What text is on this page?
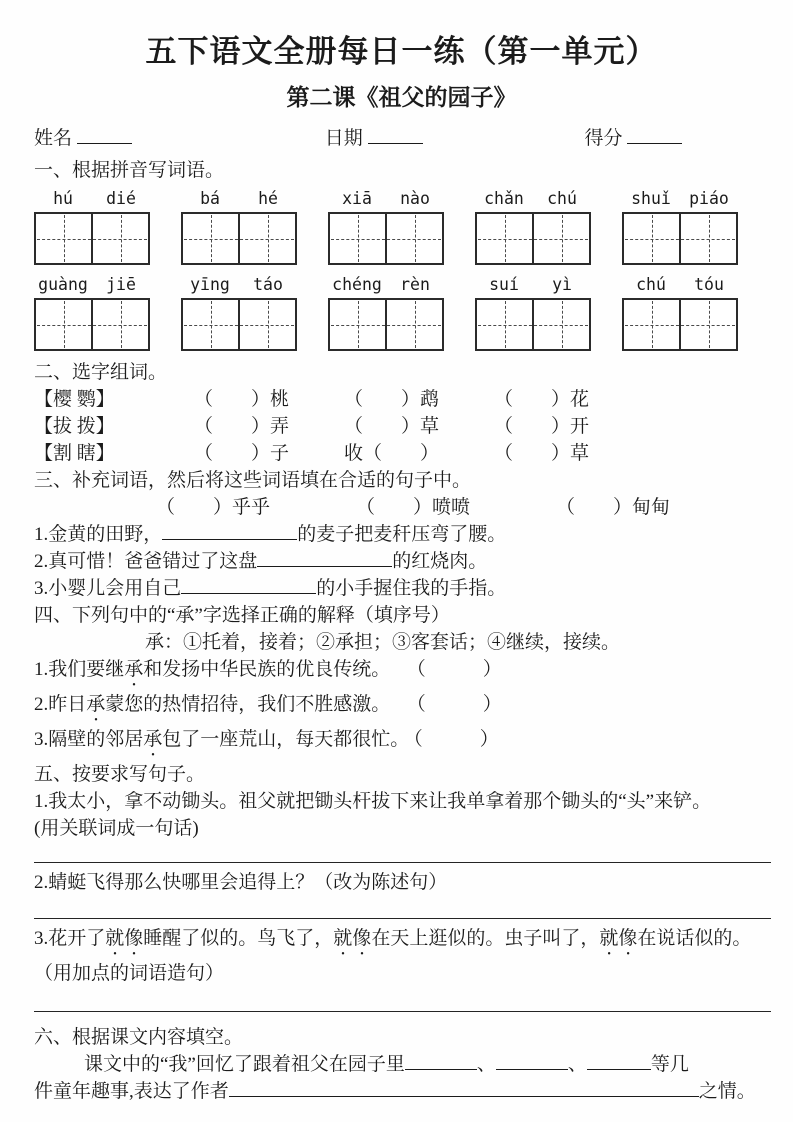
五下语文全册每日一练（第一单元）
第二课《祖父的园子》
姓名	日期	得分
一、根据拼音写词语。
hú	dié	bá	hé	xiā	nào	chǎn	chú	shuǐ	piáo
guàng	jiē	yīng	táo	chéng	rèn	suí	yì	chú	tóu
二、选字组词。
【樱 鹦】	（　　）桃	（　　）鹉	（　　）花
【拔 拨】	（　　）弄	（　　）草	（　　）开
【割 瞎】	（　　）子	收（　　）	（　　）草
三、补充词语，然后将这些词语填在合适的句子中。
（　　）乎乎	（　　）喷喷	（　　）甸甸
1.金黄的田野，	的麦子把麦秆压弯了腰。
2.真可惜！爸爸错过了这盘	的红烧肉。
3.小婴儿会用自己	的小手握住我的手指。
四、下列句中的“承”字选择正确的解释（填序号）
承：①托着，接着；②承担；③客套话；④继续，接续。
1.我们要继承和发扬中华民族的优良传统。 （　　　）
2.昨日承蒙您的热情招待，我们不胜感激。 （　　　）
3.隔壁的邻居承包了一座荒山，每天都很忙。 （　　　）
五、按要求写句子。
1.我太小，拿不动锄头。祖父就把锄头杆拔下来让我单拿着那个锄头的“头”来铲。
(用关联词成一句话)
2.蜻蜓飞得那么快哪里会追得上？（改为陈述句）
3.花开了就像睡醒了似的。鸟飞了，就像在天上逛似的。虫子叫了，就像在说话似的。（用加点的词语造句）
六、根据课文内容填空。
课文中的“我”回忆了跟着祖父在园子里	、	、	等几
件童年趣事,表达了作者	之情。
